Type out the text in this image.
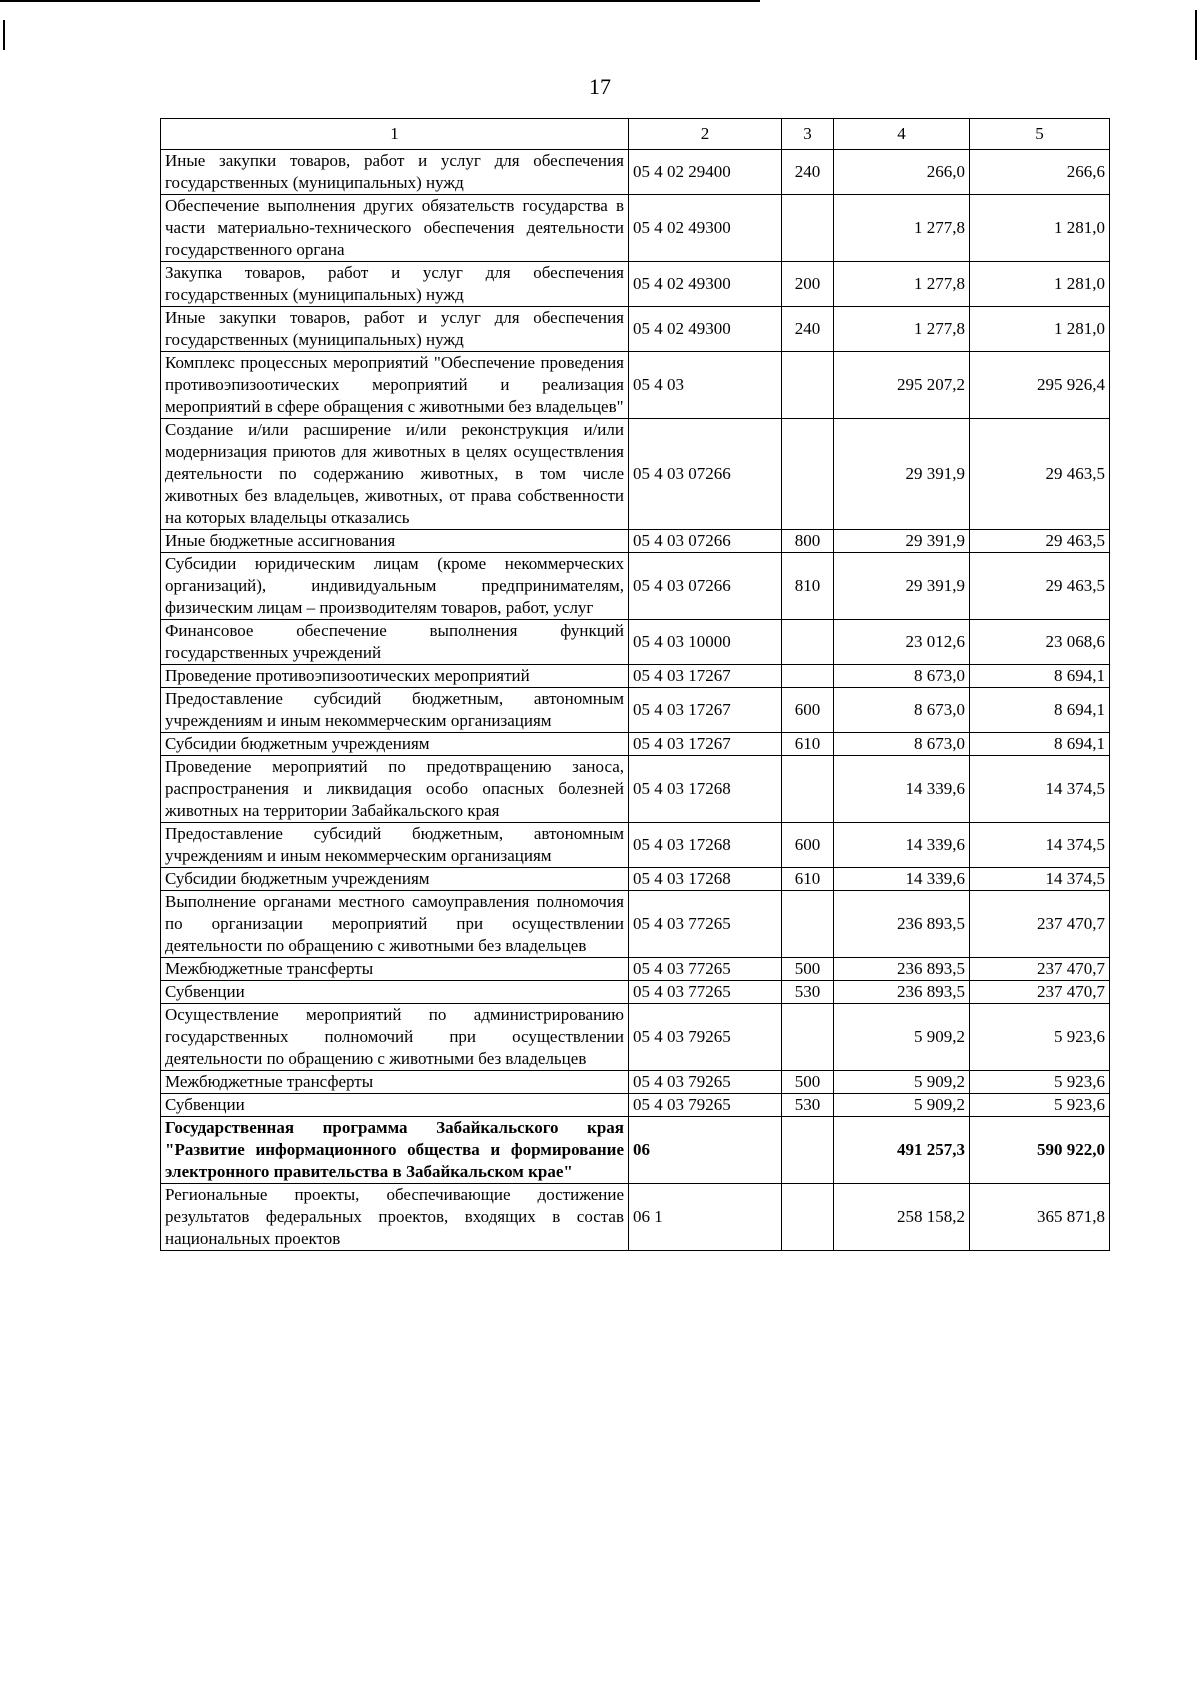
17
1	2	3	4	5
Иные закупки товаров, работ и услуг для обеспечения государственных (муниципальных) нужд	05 4 02 29400	240	266,0	266,6
Обеспечение выполнения других обязательств государства в части материально-технического обеспечения деятельности государственного органа	05 4 02 49300		1 277,8	1 281,0
Закупка товаров, работ и услуг для обеспечения государственных (муниципальных) нужд	05 4 02 49300	200	1 277,8	1 281,0
Иные закупки товаров, работ и услуг для обеспечения государственных (муниципальных) нужд	05 4 02 49300	240	1 277,8	1 281,0
Комплекс процессных мероприятий "Обеспечение проведения противоэпизоотических мероприятий и реализация мероприятий в сфере обращения с животными без владельцев"	05 4 03		295 207,2	295 926,4
Создание и/или расширение и/или реконструкция и/или модернизация приютов для животных в целях осуществления деятельности по содержанию животных, в том числе животных без владельцев, животных, от права собственности на которых владельцы отказались	05 4 03 07266		29 391,9	29 463,5
Иные бюджетные ассигнования	05 4 03 07266	800	29 391,9	29 463,5
Субсидии юридическим лицам (кроме некоммерческих организаций), индивидуальным предпринимателям, физическим лицам – производителям товаров, работ, услуг	05 4 03 07266	810	29 391,9	29 463,5
Финансовое обеспечение выполнения функций государственных учреждений	05 4 03 10000		23 012,6	23 068,6
Проведение противоэпизоотических мероприятий	05 4 03 17267		8 673,0	8 694,1
Предоставление субсидий бюджетным, автономным учреждениям и иным некоммерческим организациям	05 4 03 17267	600	8 673,0	8 694,1
Субсидии бюджетным учреждениям	05 4 03 17267	610	8 673,0	8 694,1
Проведение мероприятий по предотвращению заноса, распространения и ликвидация особо опасных болезней животных на территории Забайкальского края	05 4 03 17268		14 339,6	14 374,5
Предоставление субсидий бюджетным, автономным учреждениям и иным некоммерческим организациям	05 4 03 17268	600	14 339,6	14 374,5
Субсидии бюджетным учреждениям	05 4 03 17268	610	14 339,6	14 374,5
Выполнение органами местного самоуправления полномочия по организации мероприятий при осуществлении деятельности по обращению с животными без владельцев	05 4 03 77265		236 893,5	237 470,7
Межбюджетные трансферты	05 4 03 77265	500	236 893,5	237 470,7
Субвенции	05 4 03 77265	530	236 893,5	237 470,7
Осуществление мероприятий по администрированию государственных полномочий при осуществлении деятельности по обращению с животными без владельцев	05 4 03 79265		5 909,2	5 923,6
Межбюджетные трансферты	05 4 03 79265	500	5 909,2	5 923,6
Субвенции	05 4 03 79265	530	5 909,2	5 923,6
Государственная программа Забайкальского края "Развитие информационного общества и формирование электронного правительства в Забайкальском крае"	06		491 257,3	590 922,0
Региональные проекты, обеспечивающие достижение результатов федеральных проектов, входящих в состав национальных проектов	06 1		258 158,2	365 871,8
